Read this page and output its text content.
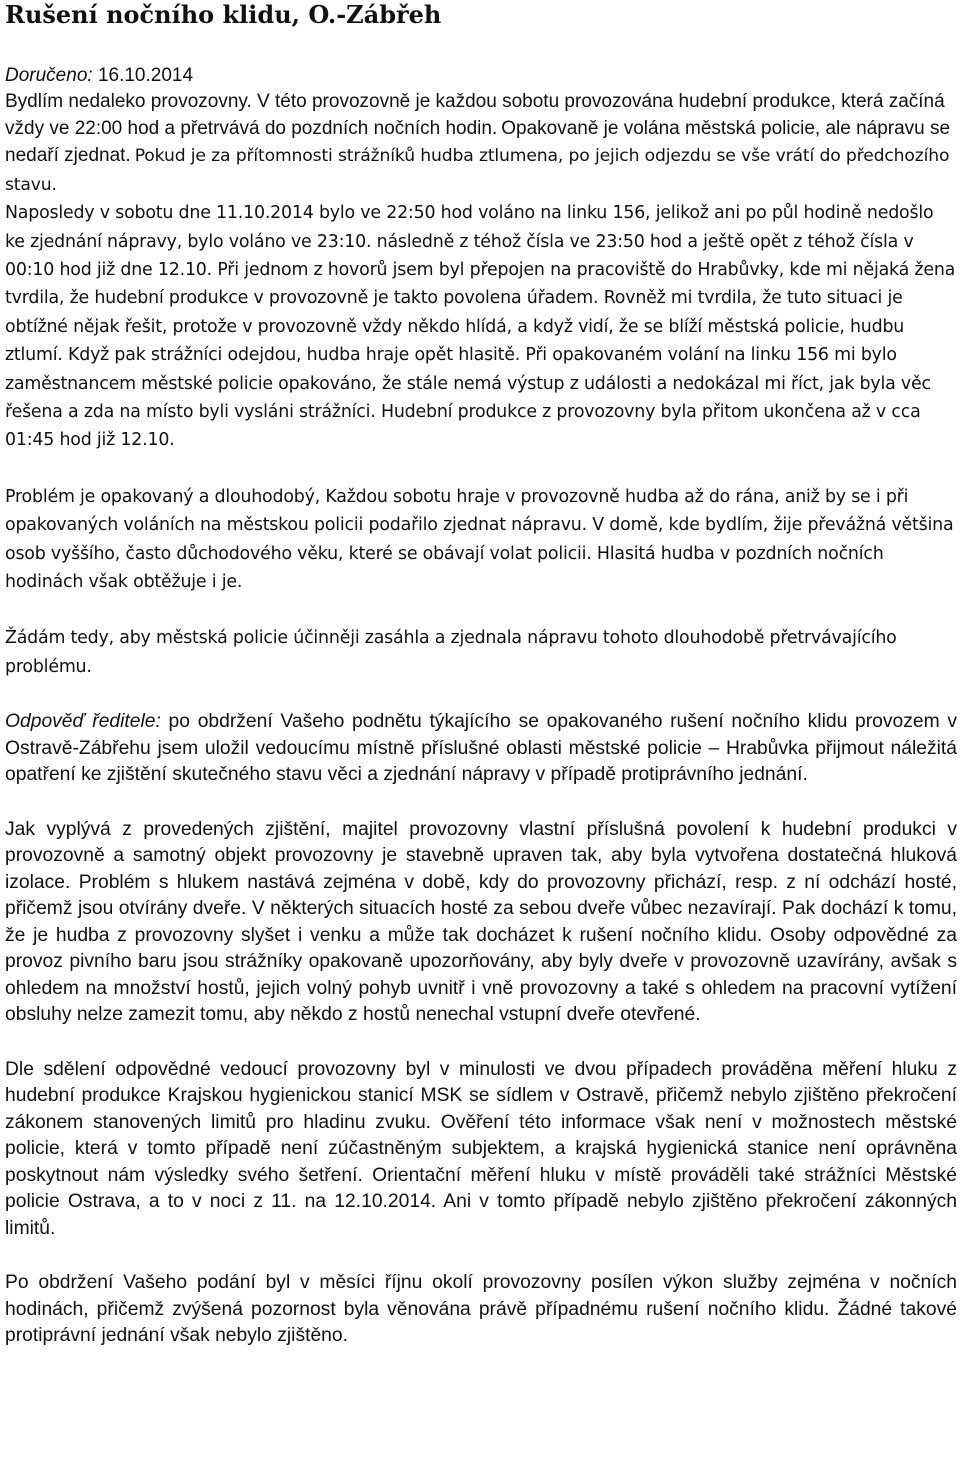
Rušení nočního klidu, O.-Zábřeh
Doručeno: 16.10.2014

Bydlím nedaleko provozovny. V této provozovně je každou sobotu provozována hudební produkce, která začíná vždy ve 22:00 hod a přetrvává do pozdních nočních hodin. Opakovaně je volána městská policie, ale nápravu se nedaří zjednat. Pokud je za přítomnosti strážníků hudba ztlumena, po jejich odjezdu se vše vrátí do předchozího stavu.

Naposledy v sobotu dne 11.10.2014 bylo ve 22:50 hod voláno na linku 156, jelikož ani po půl hodině nedošlo ke zjednání nápravy, bylo voláno ve 23:10. následně z téhož čísla ve 23:50 hod a ještě opět z téhož čísla v 00:10 hod již dne 12.10. Při jednom z hovorů jsem byl přepojen na pracoviště do Hrabůvky, kde mi nějaká žena tvrdila, že hudební produkce v provozovně je takto povolena úřadem. Rovněž mi tvrdila, že tuto situaci je obtížné nějak řešit, protože v provozovně vždy někdo hlídá, a když vidí, že se blíží městská policie, hudbu ztlumí. Když pak strážníci odejdou, hudba hraje opět hlasitě. Při opakovaném volání na linku 156 mi bylo zaměstnancem městské policie opakováno, že stále nemá výstup z události a nedokázal mi říct, jak byla věc řešena a zda na místo byli vysláni strážníci. Hudební produkce z provozovny byla přitom ukončena až v cca 01:45 hod již 12.10.

Problém je opakovaný a dlouhodobý, Každou sobotu hraje v provozovně hudba až do rána, aniž by se i při opakovaných voláních na městskou policii podařilo zjednat nápravu. V domě, kde bydlím, žije převážná většina osob vyššího, často důchodového věku, které se obávají volat policii. Hlasitá hudba v pozdních nočních hodinách však obtěžuje i je.

Žádám tedy, aby městská policie účinněji zasáhla a zjednala nápravu tohoto dlouhodobě přetrvávajícího problému.

Odpověď ředitele: po obdržení Vašeho podnětu týkajícího se opakovaného rušení nočního klidu provozem v Ostravě-Zábřehu jsem uložil vedoucímu místně příslušné oblasti městské policie – Hrabůvka přijmout náležitá opatření ke zjištění skutečného stavu věci a zjednání nápravy v případě protiprávního jednání.

Jak vyplývá z provedených zjištění, majitel provozovny vlastní příslušná povolení k hudební produkci v provozovně a samotný objekt provozovny je stavebně upraven tak, aby byla vytvořena dostatečná hluková izolace. Problém s hlukem nastává zejména v době, kdy do provozovny přichází, resp. z ní odchází hosté, přičemž jsou otvírány dveře. V některých situacích hosté za sebou dveře vůbec nezavírají. Pak dochází k tomu, že je hudba z provozovny slyšet i venku a může tak docházet k rušení nočního klidu. Osoby odpovědné za provoz pivního baru jsou strážníky opakovaně upozorňovány, aby byly dveře v provozovně uzavírány, avšak s ohledem na množství hostů, jejich volný pohyb uvnitř i vně provozovny a také s ohledem na pracovní vytížení obsluhy nelze zamezit tomu, aby někdo z hostů nenechal vstupní dveře otevřené.

Dle sdělení odpovědné vedoucí provozovny byl v minulosti ve dvou případech prováděna měření hluku z hudební produkce Krajskou hygienickou stanicí MSK se sídlem v Ostravě, přičemž nebylo zjištěno překročení zákonem stanovených limitů pro hladinu zvuku. Ověření této informace však není v možnostech městské policie, která v tomto případě není zúčastněným subjektem, a krajská hygienická stanice není oprávněna poskytnout nám výsledky svého šetření. Orientační měření hluku v místě prováděli také strážníci Městské policie Ostrava, a to v noci z 11. na 12.10.2014. Ani v tomto případě nebylo zjištěno překročení zákonných limitů.

Po obdržení Vašeho podání byl v měsíci říjnu okolí provozovny posílen výkon služby zejména v nočních hodinách, přičemž zvýšená pozornost byla věnována právě případnému rušení nočního klidu. Žádné takové protiprávní jednání však nebylo zjištěno.
